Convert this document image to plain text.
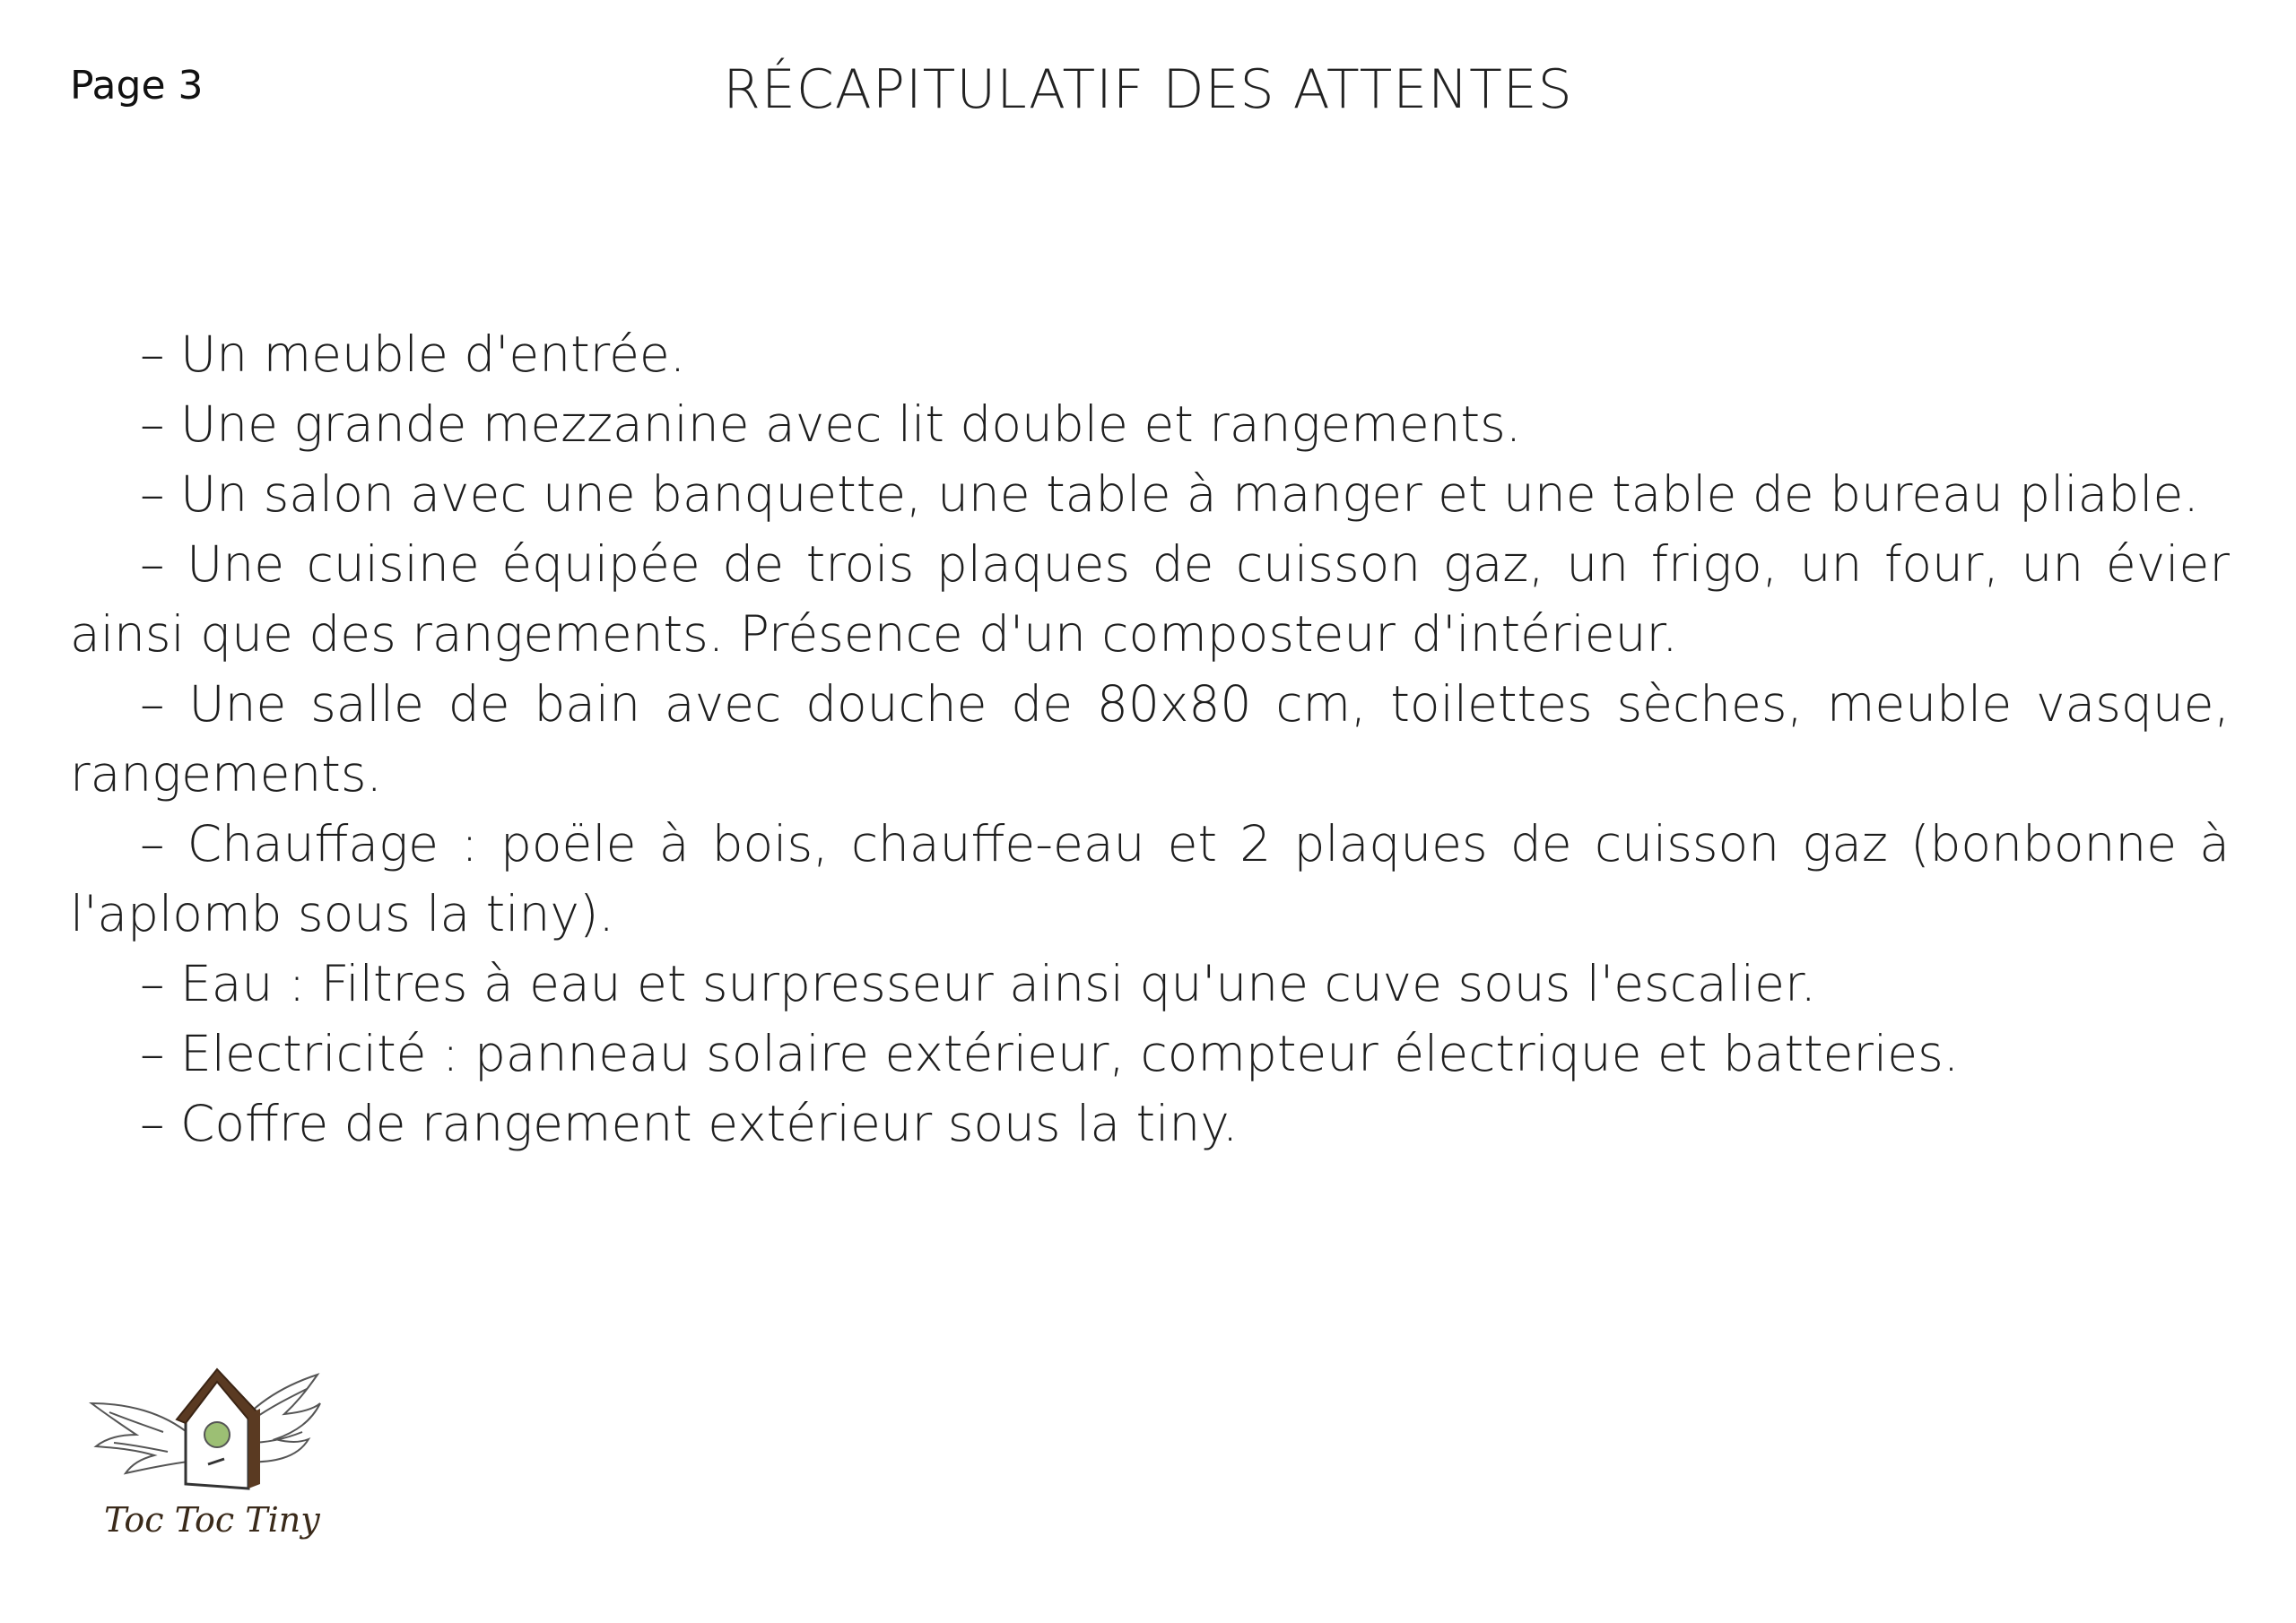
Page 3	RÉCAPITULATIF DES ATTENTES
– Un meuble d'entrée.
– Une grande mezzanine avec lit double et rangements.
– Un salon avec une banquette, une table à manger et une table de bureau pliable.
– Une cuisine équipée de trois plaques de cuisson gaz, un frigo, un four, un évier ainsi que des rangements. Présence d'un composteur d'intérieur.
– Une salle de bain avec douche de 80x80 cm, toilettes sèches, meuble vasque, rangements.
– Chauffage : poële à bois, chauffe-eau et 2 plaques de cuisson gaz (bonbonne à l'aplomb sous la tiny).
– Eau : Filtres à eau et surpresseur ainsi qu'une cuve sous l'escalier.
– Electricité : panneau solaire extérieur, compteur électrique et batteries.
– Coffre de rangement extérieur sous la tiny.
Toc Toc Tiny
